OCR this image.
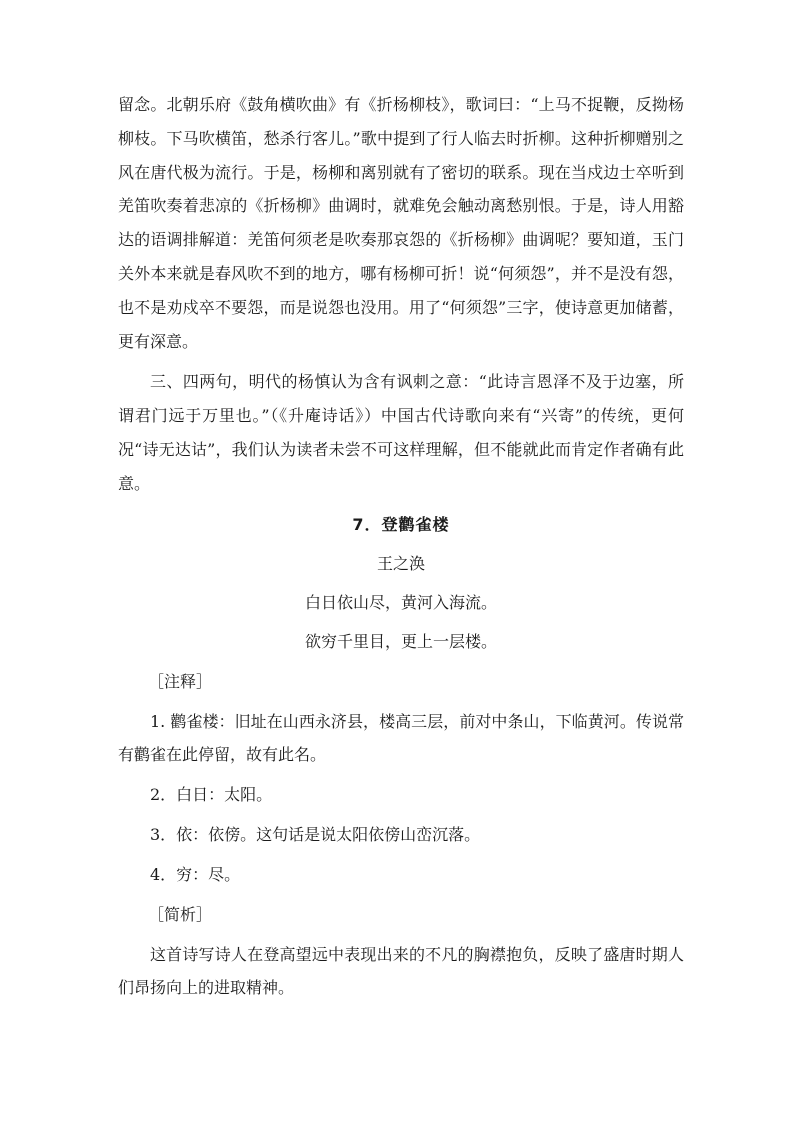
留念。北朝乐府《鼓角横吹曲》有《折杨柳枝》，歌词曰：“上马不捉鞭，反拗杨柳枝。下马吹横笛，愁杀行客儿。”歌中提到了行人临去时折柳。这种折柳赠别之风在唐代极为流行。于是，杨柳和离别就有了密切的联系。现在当戍边士卒听到羌笛吹奏着悲凉的《折杨柳》曲调时，就难免会触动离愁别恨。于是，诗人用豁达的语调排解道：羌笛何须老是吹奏那哀怨的《折杨柳》曲调呢？要知道，玉门关外本来就是春风吹不到的地方，哪有杨柳可折！说“何须怨”，并不是没有怨，也不是劝戍卒不要怨，而是说怨也没用。用了“何须怨”三字，使诗意更加储蓄，更有深意。

三、四两句，明代的杨慎认为含有讽刺之意：“此诗言恩泽不及于边塞，所谓君门远于万里也。”（《升庵诗话》）中国古代诗歌向来有“兴寄”的传统，更何况“诗无达诂”，我们认为读者未尝不可这样理解，但不能就此而肯定作者确有此意。

7．登鹳雀楼

王之涣

白日依山尽，黄河入海流。

欲穷千里目，更上一层楼。

［注释］

1. 鹳雀楼：旧址在山西永济县，楼高三层，前对中条山，下临黄河。传说常有鹳雀在此停留，故有此名。

2．白日：太阳。

3．依：依傍。这句话是说太阳依傍山峦沉落。

4．穷：尽。

［简析］

这首诗写诗人在登高望远中表现出来的不凡的胸襟抱负，反映了盛唐时期人们昂扬向上的进取精神。
